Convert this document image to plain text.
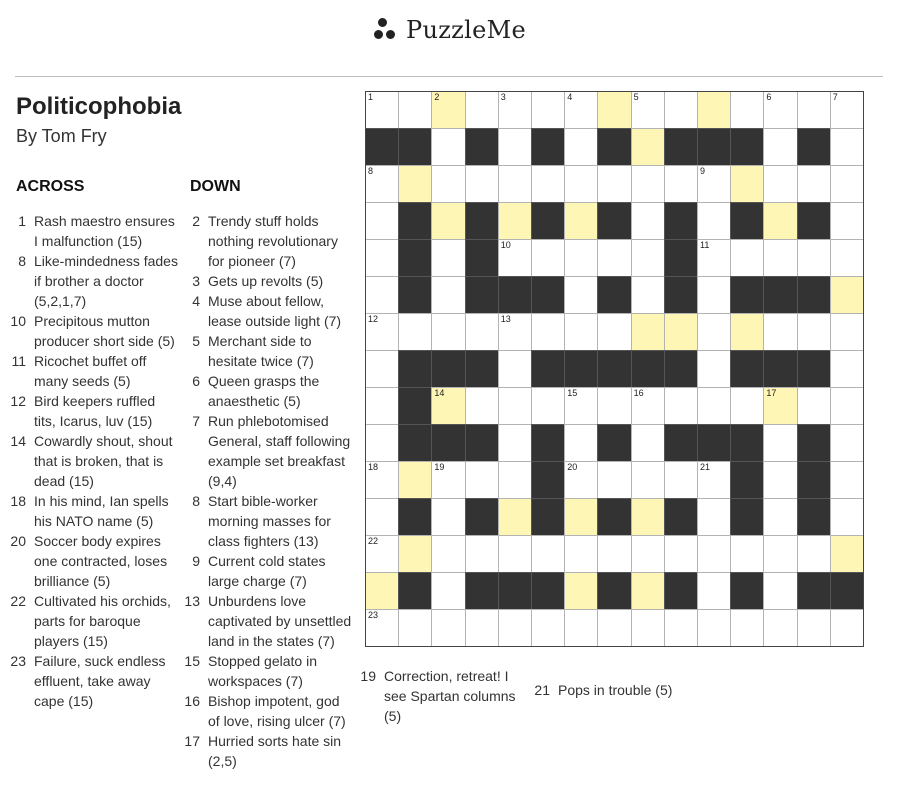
PuzzleMe
Politicophobia
By Tom Fry
ACROSS	DOWN
1 Rash maestro ensures I malfunction (15)
8 Like-mindedness fades if brother a doctor (5,2,1,7)
10 Precipitous mutton producer short side (5)
11 Ricochet buffet off many seeds (5)
12 Bird keepers ruffled tits, Icarus, luv (15)
14 Cowardly shout, shout that is broken, that is dead (15)
18 In his mind, Ian spells his NATO name (5)
20 Soccer body expires one contracted, loses brilliance (5)
22 Cultivated his orchids, parts for baroque players (15)
23 Failure, suck endless effluent, take away cape (15)
2 Trendy stuff holds nothing revolutionary for pioneer (7)
3 Gets up revolts (5)
4 Muse about fellow, lease outside light (7)
5 Merchant side to hesitate twice (7)
6 Queen grasps the anaesthetic (5)
7 Run phlebotomised General, staff following example set breakfast (9,4)
8 Start bible-worker morning masses for class fighters (13)
9 Current cold states large charge (7)
13 Unburdens love captivated by unsettled land in the states (7)
15 Stopped gelato in workspaces (7)
16 Bishop impotent, god of love, rising ulcer (7)
17 Hurried sorts hate sin (2,5)
19 Correction, retreat! I see Spartan columns (5)
21 Pops in trouble (5)
1	2	3	4	5	6	7
8	9
10	11
12	13
14	15	16	17
18	19	20	21
22
23
